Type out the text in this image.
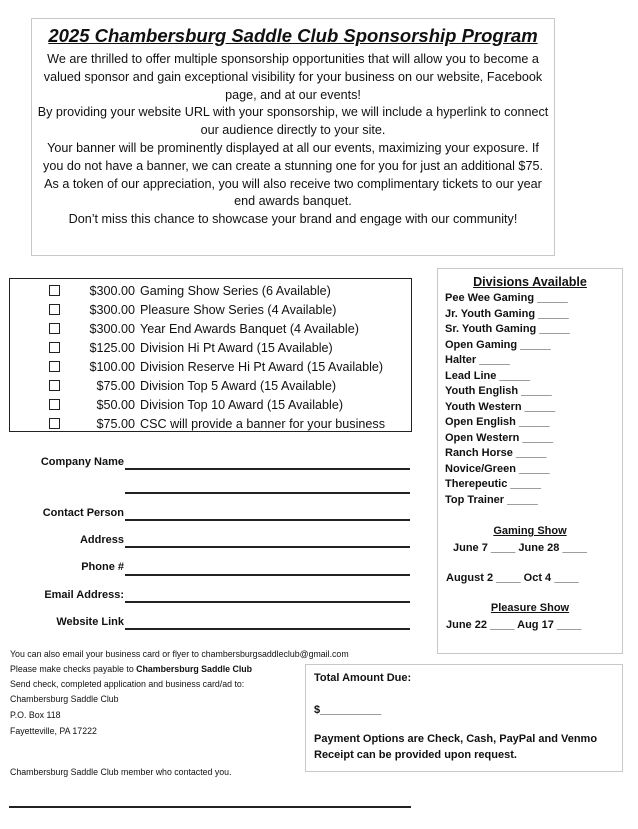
2025 Chambersburg Saddle Club Sponsorship Program

We are thrilled to offer multiple sponsorship opportunities that will allow you to become a valued sponsor and gain exceptional visibility for your business on our website, Facebook page, and at our events!

By providing your website URL with your sponsorship, we will include a hyperlink to connect our audience directly to your site.

Your banner will be prominently displayed at all our events, maximizing your exposure. If you do not have a banner, we can create a stunning one for you for just an additional $75.

As a token of our appreciation, you will also receive two complimentary tickets to our year end awards banquet.

Don’t miss this chance to showcase your brand and engage with our community!

$300.00 Gaming Show Series (6 Available)
$300.00 Pleasure Show Series (4 Available)
$300.00 Year End Awards Banquet (4 Available)
$125.00 Division Hi Pt Award (15 Available)
$100.00 Division Reserve Hi Pt Award (15 Available)
$75.00 Division Top 5 Award (15 Available)
$50.00 Division Top 10 Award (15 Available)
$75.00 CSC will provide a banner for your business
Divisions Available
Pee Wee Gaming _____
Jr. Youth Gaming _____
Sr. Youth Gaming _____
Open Gaming _____
Halter _____
Lead Line _____
Youth English _____
Youth Western _____
Open English _____
Open Western _____
Ranch Horse _____
Novice/Green _____
Therepeutic _____
Top Trainer _____
Gaming Show
June 7 ____ June 28 ____
August 2 ____ Oct 4 ____
Pleasure Show
June 22 ____ Aug 17 ____
Company Name
Contact Person
Address
Phone #
Email Address:
Website Link
You can also email your business card or flyer to chambersburgsaddleclub@gmail.com
Please make checks payable to Chambersburg Saddle Club
Send check, completed application and business card/ad to:
Chambersburg Saddle Club
P.O. Box 118
Fayetteville, PA 17222
Chambersburg Saddle Club member who contacted you.
Total Amount Due:
$__________
Payment Options are Check, Cash, PayPal and Venmo
Receipt can be provided upon request.
